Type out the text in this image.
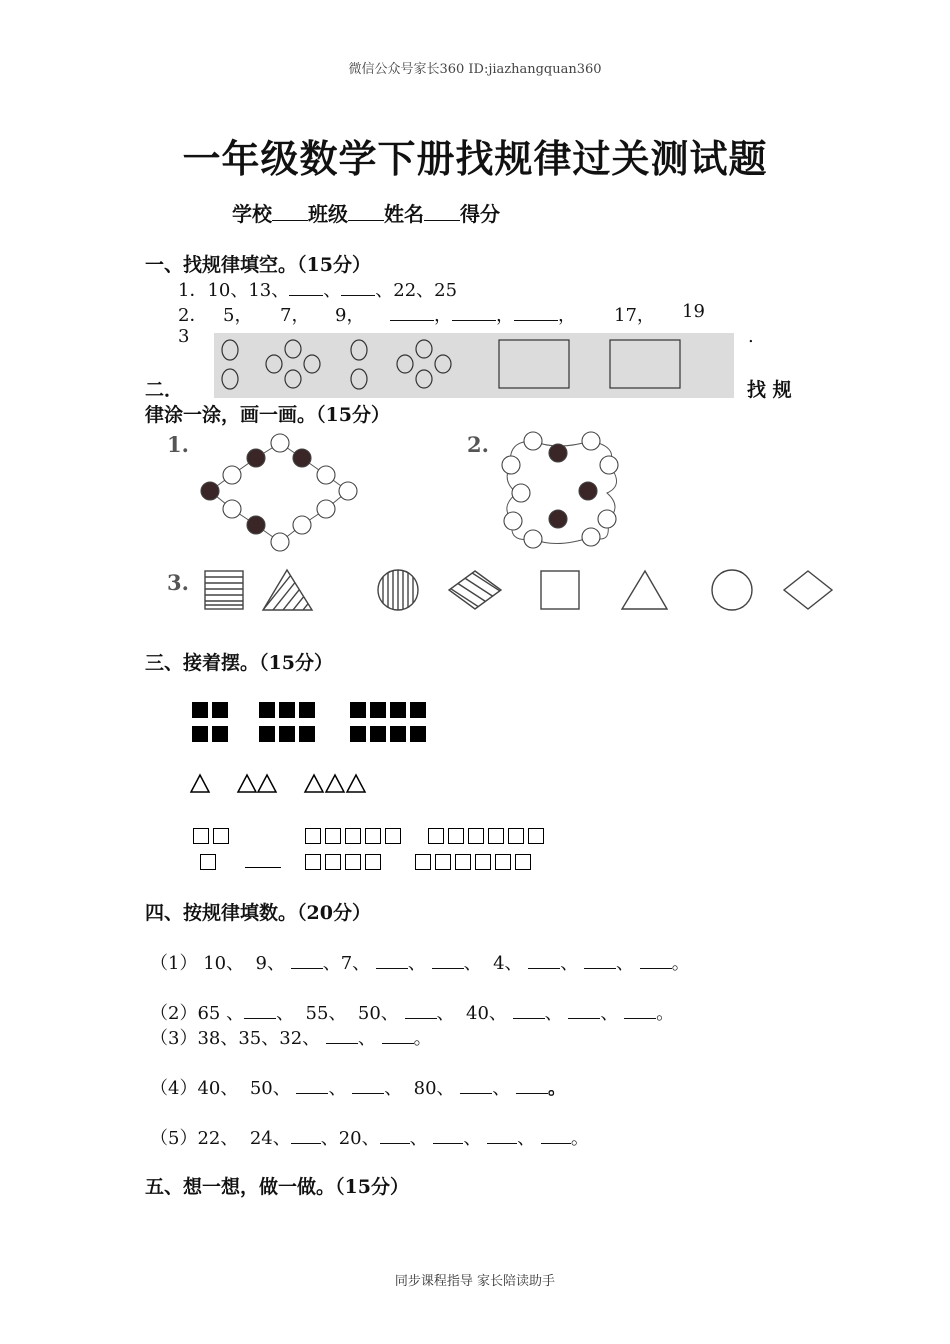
微信公众号家长360 ID:jiazhangquan360
一年级数学下册找规律过关测试题
学校 班级 姓名 得分
一、找规律填空。（15分）
1．10、13、 、 、22、25
2． 5， 7， 9，	， ， ， 17， 19
3	.
二．	找 规
律涂一涂，画一画。（15分）
1.	2.
3.
三、接着摆。（15分）

四、按规律填数。（20分）
（1） 10、 9、 、7、 、 、 4、 、 、 。
（2）65 、 、 55、 50、 、 40、 、 、 。
（3）38、35、32、 、 。
（4）40、 50、 、 、 80、 、 。
（5）22、 24、 、20、 、 、 、 。
五、想一想，做一做。（15分）
同步课程指导 家长陪读助手
